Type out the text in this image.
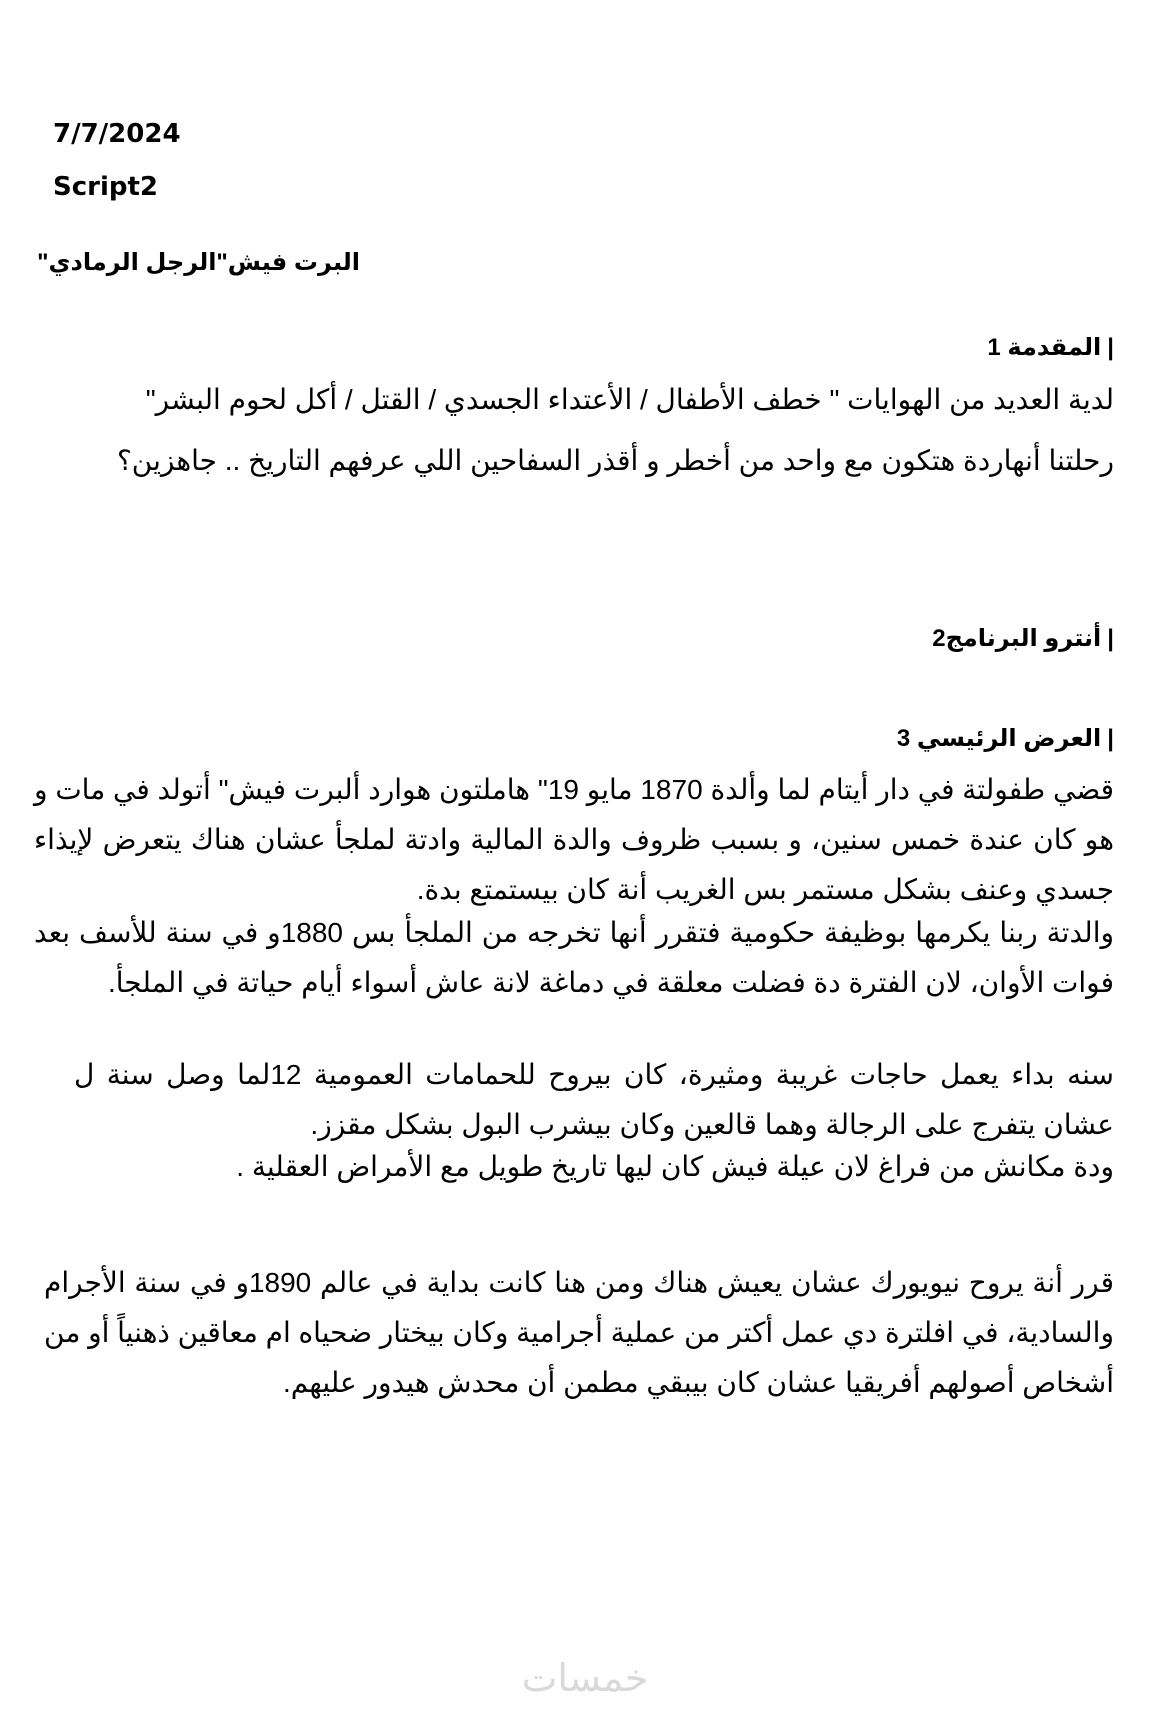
7/7/2024
Script2
البرت فيش"الرجل الرمادي"
|المقدمة 1
لدية العديد من الهوايات " خطف الأطفال / الأعتداء الجسدي / القتل / أكل لحوم البشر"
رحلتنا أنهاردة هتكون مع واحد من أخطر و أقذر السفاحين اللي عرفهم التاريخ .. جاهزين؟
|أنترو البرنامج2
|العرض الرئيسي 3
قضي طفولتة في دار أيتام لما وألدة 1870 مايو 19" هاملتون هوارد ألبرت فيش" أتولد في مات و هو كان عندة خمس سنين، و بسبب ظروف والدة المالية وادتة لملجأ عشان هناك يتعرض لإيذاء جسدي وعنف بشكل مستمر بس الغريب أنة كان بيستمتع بدة.
والدتة ربنا يكرمها بوظيفة حكومية فتقرر أنها تخرجه من الملجأ بس 1880و في سنة للأسف بعد فوات الأوان، لان الفترة دة فضلت معلقة في دماغة لانة عاش أسواء أيام حياتة في الملجأ.
سنه بداء يعمل حاجات غريبة ومثيرة، كان بيروح للحمامات العمومية 12لما وصل سنة ل عشان يتفرج على الرجالة وهما قالعين وكان بيشرب البول بشكل مقزز.
ودة مكانش من فراغ لان عيلة فيش كان ليها تاريخ طويل مع الأمراض العقلية .
قرر أنة يروح نيويورك عشان يعيش هناك ومن هنا كانت بداية في عالم 1890و في سنة الأجرام والسادية، في افلترة دي عمل أكتر من عملية أجرامية وكان بيختار ضحياه ام معاقين ذهنياً أو من أشخاص أصولهم أفريقيا عشان كان بيبقي مطمن أن محدش هيدور عليهم.
خمسات
